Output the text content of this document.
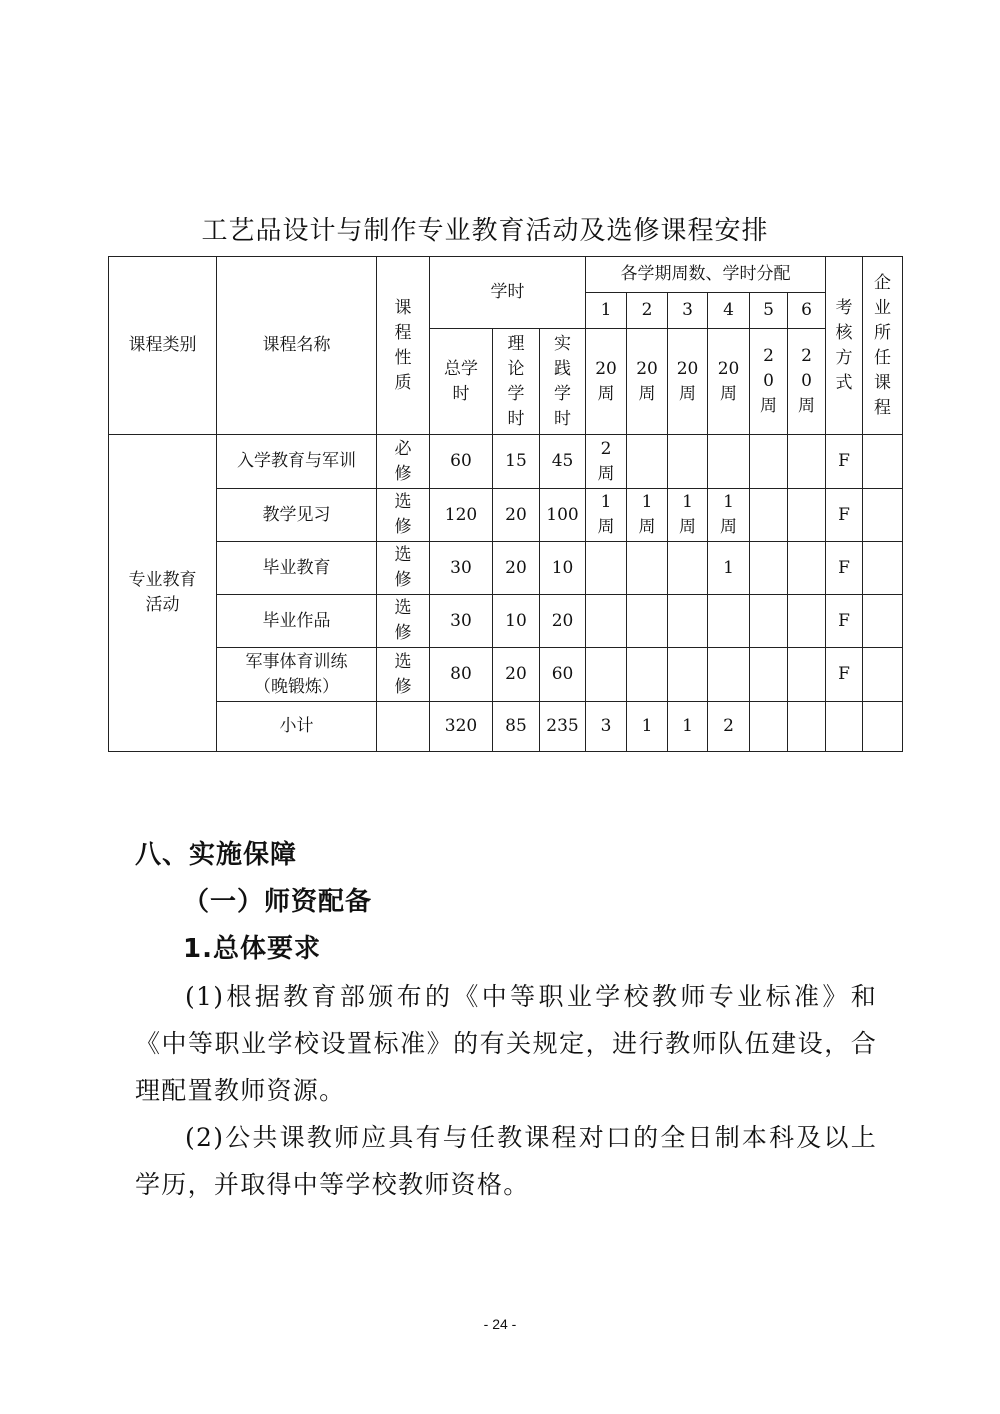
工艺品设计与制作专业教育活动及选修课程安排
课程类别	课程名称	课程性质	学时			各学期周数、学时分配						考核方式	企业所任课程
						1	2	3	4	5	6		
			总学时	理论学时	实践学时	20周	20周	20周	20周	20周	20周		
专业教育活动	入学教育与军训	必修	60	15	45	2周						F	
	教学见习	选修	120	20	100	1周	1周	1周	1周			F	
	毕业教育	选修	30	20	10				1			F	
	毕业作品	选修	30	10	20							F	
	军事体育训练（晚锻炼）	选修	80	20	60							F	
	小计		320	85	235	3	1	1	2				
八、实施保障
（一）师资配备
1.总体要求
(1)根据教育部颁布的《中等职业学校教师专业标准》和《中等职业学校设置标准》的有关规定，进行教师队伍建设，合理配置教师资源。
(2)公共课教师应具有与任教课程对口的全日制本科及以上学历，并取得中等学校教师资格。
- 24 -
